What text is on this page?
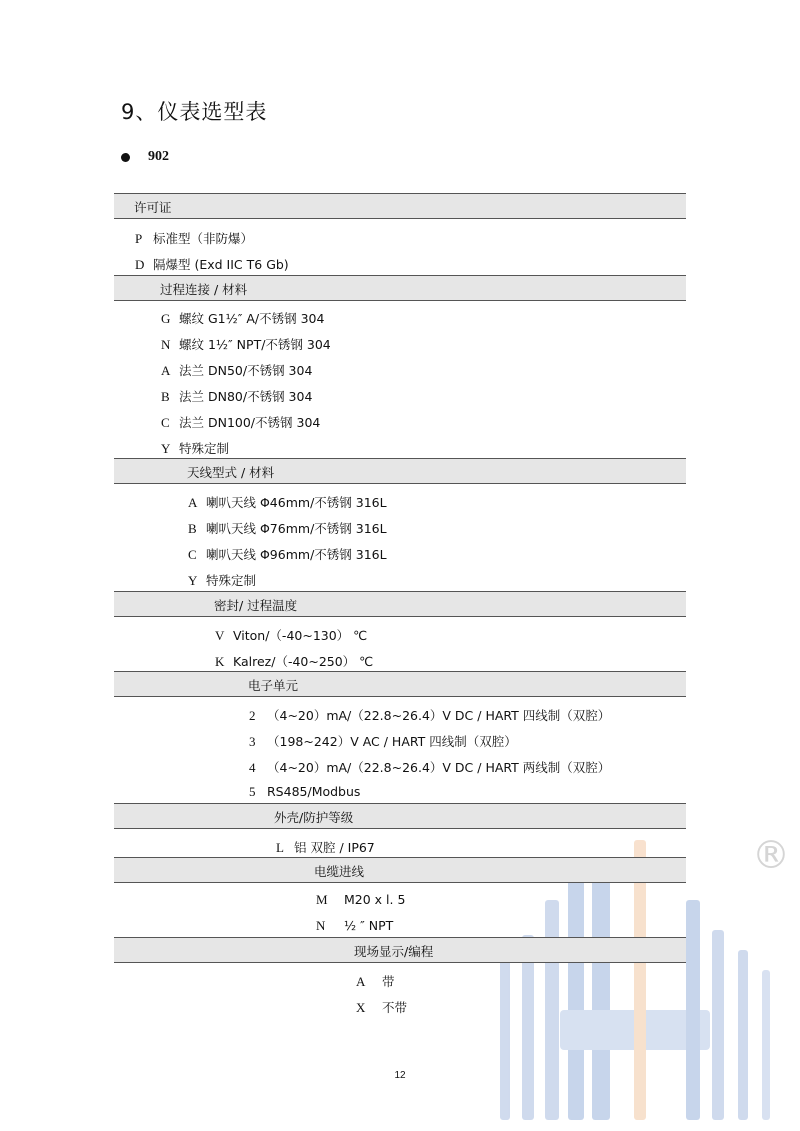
®
9、仪表选型表
902
许可证
P 标准型（非防爆）
D 隔爆型 (Exd IIC T6 Gb)
过程连接 / 材料
G 螺纹 G1½″ A/不锈钢 304
N 螺纹 1½″ NPT/不锈钢 304
A 法兰 DN50/不锈钢 304
B 法兰 DN80/不锈钢 304
C 法兰 DN100/不锈钢 304
Y 特殊定制
天线型式 / 材料
A 喇叭天线 Φ46mm/不锈钢 316L
B 喇叭天线 Φ76mm/不锈钢 316L
C 喇叭天线 Φ96mm/不锈钢 316L
Y 特殊定制
密封/ 过程温度
V Viton/（-40~130） ℃
K Kalrez/（-40~250） ℃
电子单元
2 （4~20）mA/（22.8~26.4）V DC / HART 四线制（双腔）
3 （198~242）V AC / HART 四线制（双腔）
4 （4~20）mA/（22.8~26.4）V DC / HART 两线制（双腔）
5 RS485/Modbus
外壳/防护等级
L 铝 双腔 / IP67
电缆进线
M M20 x l. 5
N ½ ″ NPT
现场显示/编程
A 带
X 不带
12
